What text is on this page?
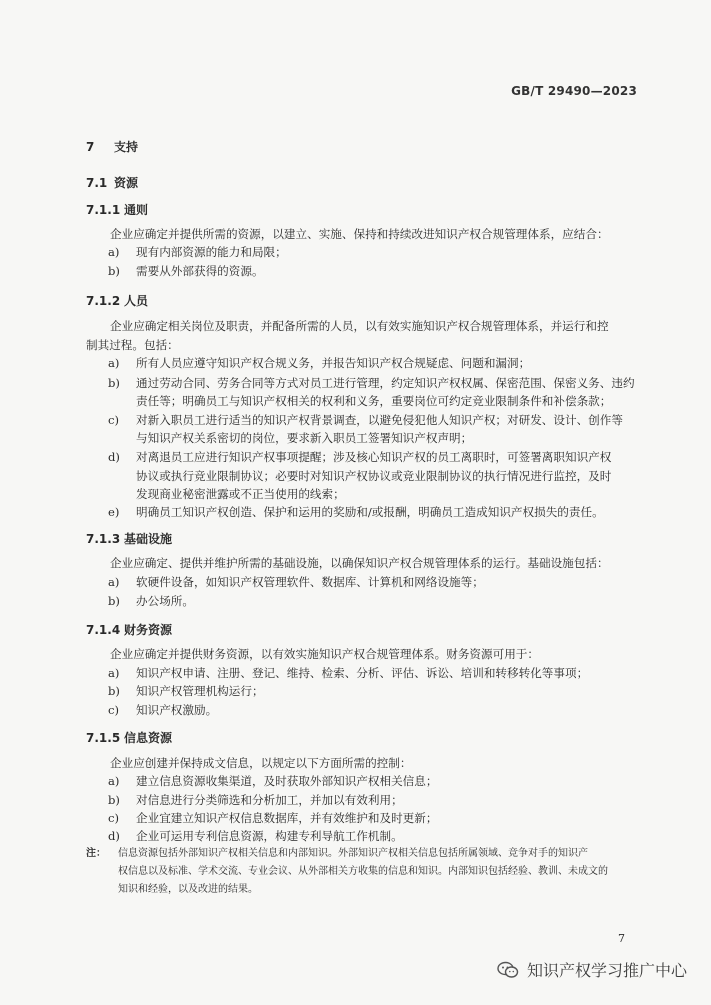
GB/T 29490—2023
7 支持
7.1 资源
7.1.1 通则
企业应确定并提供所需的资源，以建立、实施、保持和持续改进知识产权合规管理体系，应结合：
a) 现有内部资源的能力和局限；
b) 需要从外部获得的资源。
7.1.2 人员
企业应确定相关岗位及职责，并配备所需的人员，以有效实施知识产权合规管理体系，并运行和控
制其过程。包括：
a) 所有人员应遵守知识产权合规义务，并报告知识产权合规疑虑、问题和漏洞；
b) 通过劳动合同、劳务合同等方式对员工进行管理，约定知识产权权属、保密范围、保密义务、违约
责任等；明确员工与知识产权相关的权利和义务，重要岗位可约定竞业限制条件和补偿条款；
c) 对新入职员工进行适当的知识产权背景调查，以避免侵犯他人知识产权；对研发、设计、创作等
与知识产权关系密切的岗位，要求新入职员工签署知识产权声明；
d) 对离退员工应进行知识产权事项提醒；涉及核心知识产权的员工离职时，可签署离职知识产权
协议或执行竞业限制协议；必要时对知识产权协议或竞业限制协议的执行情况进行监控，及时
发现商业秘密泄露或不正当使用的线索；
e) 明确员工知识产权创造、保护和运用的奖励和/或报酬，明确员工造成知识产权损失的责任。
7.1.3 基础设施
企业应确定、提供并维护所需的基础设施，以确保知识产权合规管理体系的运行。基础设施包括：
a) 软硬件设备，如知识产权管理软件、数据库、计算机和网络设施等；
b) 办公场所。
7.1.4 财务资源
企业应确定并提供财务资源，以有效实施知识产权合规管理体系。财务资源可用于：
a) 知识产权申请、注册、登记、维持、检索、分析、评估、诉讼、培训和转移转化等事项；
b) 知识产权管理机构运行；
c) 知识产权激励。
7.1.5 信息资源
企业应创建并保持成文信息，以规定以下方面所需的控制：
a) 建立信息资源收集渠道，及时获取外部知识产权相关信息；
b) 对信息进行分类筛选和分析加工，并加以有效利用；
c) 企业宜建立知识产权信息数据库，并有效维护和及时更新；
d) 企业可运用专利信息资源，构建专利导航工作机制。
注： 信息资源包括外部知识产权相关信息和内部知识。外部知识产权相关信息包括所属领域、竞争对手的知识产
权信息以及标准、学术交流、专业会议、从外部相关方收集的信息和知识。内部知识包括经验、教训、未成文的
知识和经验，以及改进的结果。
7
知识产权学习推广中心
